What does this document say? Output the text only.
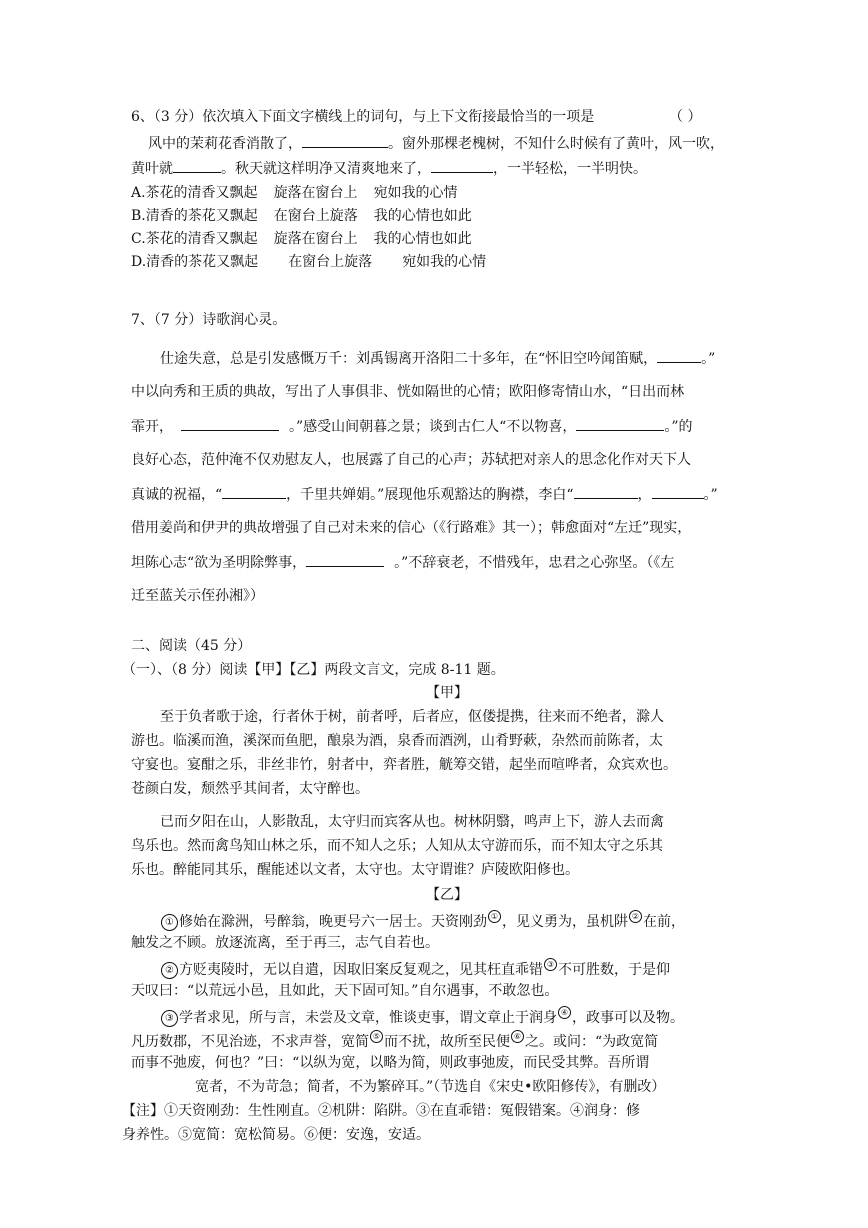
6、（3 分）依次填入下面文字横线上的词句，与上下文衔接最恰当的一项是	（ ）
风中的茉莉花香消散了，	。窗外那棵老槐树，不知什么时候有了黄叶，风一吹，
黄叶就	。秋天就这样明净又清爽地来了，	，一半轻松，一半明快。
A.茶花的清香又飘起 旋落在窗台上 宛如我的心情
B.清香的茶花又飘起 在窗台上旋落 我的心情也如此
C.茶花的清香又飘起 旋落在窗台上 我的心情也如此
D.清香的茶花又飘起 在窗台上旋落 宛如我的心情
7、（7 分）诗歌润心灵。
仕途失意，总是引发感慨万千：刘禹锡离开洛阳二十多年，在“怀旧空吟闻笛赋，	。”
中以向秀和王质的典故，写出了人事俱非、恍如隔世的心情；欧阳修寄情山水，“日出而林
霏开，	。”感受山间朝暮之景；谈到古仁人“不以物喜，	。”的
良好心态，范仲淹不仅劝慰友人，也展露了自己的心声；苏轼把对亲人的思念化作对天下人
真诚的祝福，“	，千里共婵娟。”展现他乐观豁达的胸襟，李白“	，	。”
借用姜尚和伊尹的典故增强了自己对未来的信心（《行路难》其一）；韩愈面对“左迁”现实，
坦陈心志“欲为圣明除弊事，	。”不辞衰老，不惜残年，忠君之心弥坚。（《左
迁至蓝关示侄孙湘》）
二、阅读（45 分）
（一）、（8 分）阅读【甲】【乙】两段文言文，完成 8-11 题。
【甲】
至于负者歌于途，行者休于树，前者呼，后者应，伛偻提携，往来而不绝者，滁人
游也。临溪而渔，溪深而鱼肥，酿泉为酒，泉香而酒洌，山肴野蔌，杂然而前陈者，太
守宴也。宴酣之乐，非丝非竹，射者中，弈者胜，觥筹交错，起坐而喧哗者，众宾欢也。
苍颜白发，颓然乎其间者，太守醉也。
已而夕阳在山，人影散乱，太守归而宾客从也。树林阴翳，鸣声上下，游人去而禽
鸟乐也。然而禽鸟知山林之乐，而不知人之乐；人知从太守游而乐，而不知太守之乐其
乐也。醉能同其乐，醒能述以文者，太守也。太守谓谁？庐陵欧阳修也。
【乙】
① 修始在滁洲，号醉翁，晚更号六一居士。天资刚劲 ① ，见义勇为，虽机阱 ② 在前，
触发之不顾。放逐流离，至于再三，志气自若也。
② 方贬夷陵时，无以自遣，因取旧案反复观之，见其枉直乖错 ③ 不可胜数，于是仰
天叹曰：“以荒远小邑，且如此，天下固可知。”自尔遇事，不敢忽也。
③ 学者求见，所与言，未尝及文章，惟谈吏事，谓文章止于润身 ④ ，政事可以及物。
凡历数郡，不见治迹，不求声誉，宽简 ⑤ 而不扰，故所至民便 ⑥ 之。或问：“为政宽简
而事不弛废，何也？”曰：“以纵为宽，以略为简，则政事弛废，而民受其弊。吾所谓
宽者，不为苛急；简者，不为繁碎耳。”（节选自《宋史•欧阳修传》，有删改）
【注】①天资刚劲：生性刚直。②机阱：陷阱。③在直乖错：冤假错案。④润身：修
身养性。⑤宽简：宽松简易。⑥便：安逸，安适。
